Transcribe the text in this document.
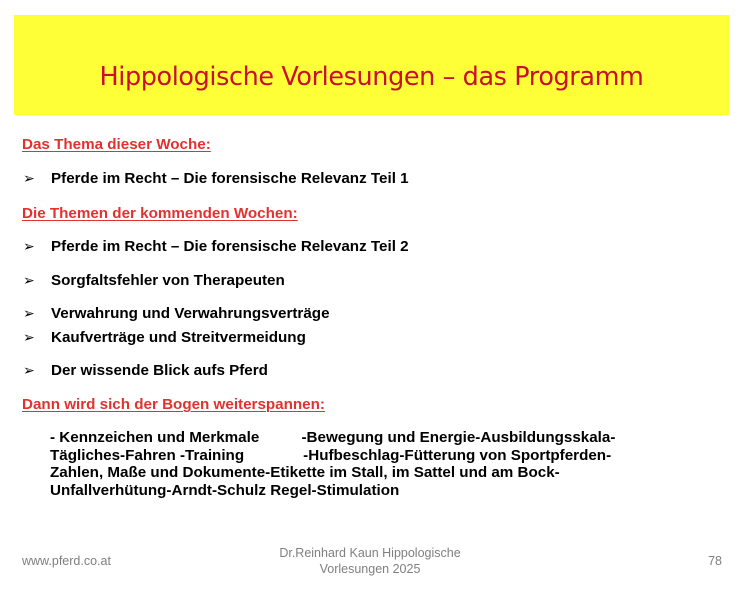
Hippologische Vorlesungen – das Programm
Das Thema dieser Woche:
➢ Pferde im Recht – Die forensische Relevanz Teil 1
Die Themen der kommenden Wochen:
➢ Pferde im Recht – Die forensische Relevanz Teil 2
➢ Sorgfaltsfehler von Therapeuten
➢ Verwahrung und Verwahrungsverträge
➢ Kaufverträge und Streitvermeidung
➢ Der wissende Blick aufs Pferd
Dann wird sich der Bogen weiterspannen:
- Kennzeichen und Merkmale          -Bewegung und Energie-Ausbildungsskala-
Tägliches-Fahren -Training              -Hufbeschlag-Fütterung von Sportpferden-
Zahlen, Maße und Dokumente-Etikette im Stall, im Sattel und am Bock-
Unfallverhütung-Arndt-Schulz Regel-Stimulation
www.pferd.co.at
Dr.Reinhard Kaun Hippologische
Vorlesungen 2025
78
